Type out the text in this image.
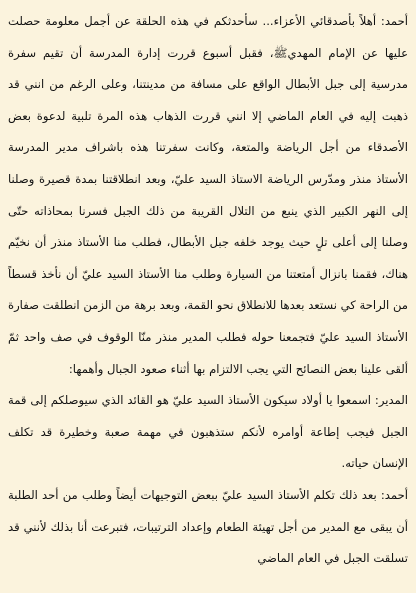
أحمد: أهلاً بأصدقائي الأعزاء... سأحدثكم في هذه الحلقة عن أجمل معلومة حصلت عليها عن الإمام المهديﷺ، فقبل أسبوع قررت إدارة المدرسة أن تقيم سفرة مدرسية إلى جبل الأبطال الواقع على مسافة من مدينتنا، وعلى الرغم من انني قد ذهبت إليه في العام الماضي إلا انني قررت الذهاب هذه المرة تلبية لدعوة بعض الأصدقاء من أجل الرياضة والمتعة، وكانت سفرتنا هذه باشراف مدير المدرسة الأستاذ منذر ومدّرس الرياضة الاستاذ السيد عليّ، وبعد انطلاقتنا بمدة قصيرة وصلنا إلى النهر الكبير الذي ينبع من التلال القريبة من ذلك الجبل فسرنا بمحاذاته حتّى وصلنا إلى أعلى تلٍ حيث يوجد خلفه جبل الأبطال، فطلب منا الأستاذ منذر أن نخيّم هناك، فقمنا بانزال أمتعتنا من السيارة وطلب منا الأستاذ السيد عليّ أن نأخذ قسطاً من الراحة كي نستعد بعدها للانطلاق نحو القمة، وبعد برهة من الزمن انطلقت صفارة الأستاذ السيد عليّ فتجمعنا حوله فطلب المدير منذر منّا الوقوف في صف واحد ثمّ ألقى علينا بعض النصائح التي يجب الالتزام بها أثناء صعود الجبال وأهمها:

المدير: اسمعوا يا أولاد سيكون الأستاذ السيد عليّ هو القائد الذي سيوصلكم إلى قمة الجبل فيجب إطاعة أوامره لأنكم ستذهبون في مهمة صعبة وخطيرة قد تكلف الإنسان حياته.

أحمد: بعد ذلك تكلم الأستاذ السيد عليّ ببعض التوجيهات أيضاً وطلب من أحد الطلبة أن يبقى مع المدير من أجل تهيئة الطعام وإعداد الترتيبات، فتبرعت أنا بذلك لأنني قد تسلقت الجبل في العام الماضي
